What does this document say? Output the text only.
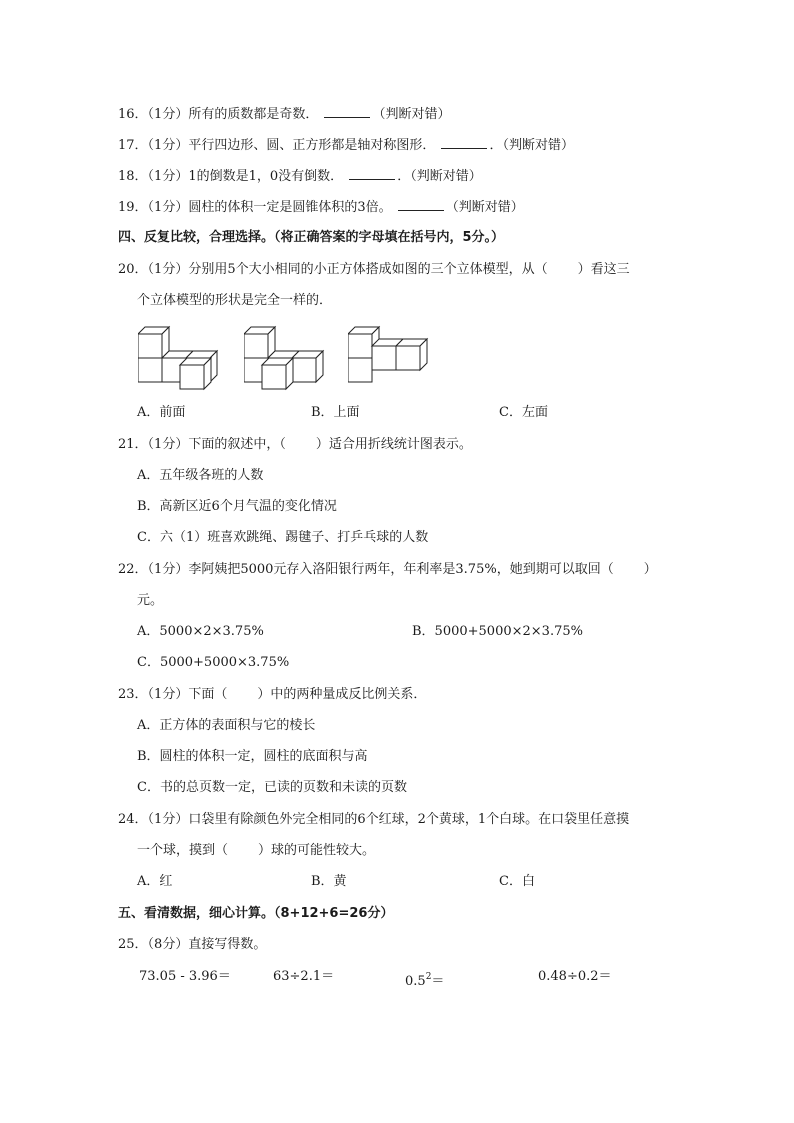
16．（1分）所有的质数都是奇数．	（判断对错）
17．（1分）平行四边形、圆、正方形都是轴对称图形．	．（判断对错）
18．（1分）1的倒数是1，0没有倒数．	．（判断对错）
19．（1分）圆柱的体积一定是圆锥体积的3倍。	（判断对错）
四、反复比较，合理选择。（将正确答案的字母填在括号内，5分。）
20．（1分）分别用5个大小相同的小正方体搭成如图的三个立体模型，从（ ）看这三
个立体模型的形状是完全一样的．
A．前面	B．上面	C．左面
21．（1分）下面的叙述中，（ ）适合用折线统计图表示。
A．五年级各班的人数
B．高新区近6个月气温的变化情况
C．六（1）班喜欢跳绳、踢毽子、打乒乓球的人数
22．（1分）李阿姨把5000元存入洛阳银行两年，年利率是3.75%，她到期可以取回（ ）
元。
A．5000×2×3.75%	B．5000+5000×2×3.75%
C．5000+5000×3.75%
23．（1分）下面（ ）中的两种量成反比例关系．
A．正方体的表面积与它的棱长
B．圆柱的体积一定，圆柱的底面积与高
C．书的总页数一定，已读的页数和未读的页数
24．（1分）口袋里有除颜色外完全相同的6个红球，2个黄球，1个白球。在口袋里任意摸
一个球，摸到（ ）球的可能性较大。
A．红	B．黄	C．白
五、看清数据，细心计算。（8+12+6=26分）
25．（8分）直接写得数。
73.05 - 3.96＝	63÷2.1＝	$0.5^2=$	0.48÷0.2＝
